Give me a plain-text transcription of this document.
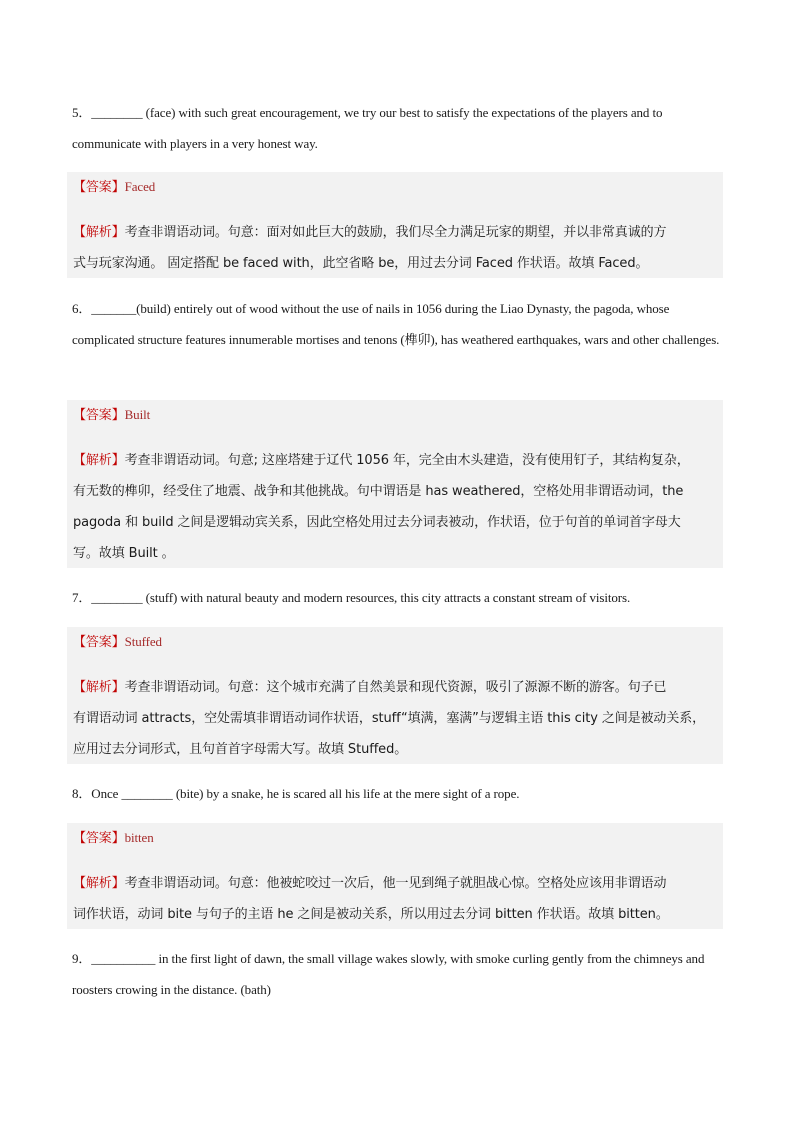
5．________ (face) with such great encouragement, we try our best to satisfy the expectations of the players and to communicate with players in a very honest way.
【答案】Faced
【解析】考查非谓语动词。句意：面对如此巨大的鼓励，我们尽全力满足玩家的期望，并以非常真诚的方
式与玩家沟通。 固定搭配 be faced with，此空省略 be，用过去分词 Faced 作状语。故填 Faced。
6．_______(build) entirely out of wood without the use of nails in 1056 during the Liao Dynasty, the pagoda, whose complicated structure features innumerable mortises and tenons (榫卯), has weathered earthquakes, wars and other challenges.
【答案】Built
【解析】考查非谓语动词。句意; 这座塔建于辽代 1056 年，完全由木头建造，没有使用钉子，其结构复杂，
有无数的榫卯，经受住了地震、战争和其他挑战。句中谓语是 has weathered，空格处用非谓语动词，the
pagoda 和 build 之间是逻辑动宾关系，因此空格处用过去分词表被动，作状语，位于句首的单词首字母大
写。故填 Built 。
7．________ (stuff) with natural beauty and modern resources, this city attracts a constant stream of visitors.
【答案】Stuffed
【解析】考查非谓语动词。句意：这个城市充满了自然美景和现代资源，吸引了源源不断的游客。句子已
有谓语动词 attracts，空处需填非谓语动词作状语，stuff“填满，塞满”与逻辑主语 this city 之间是被动关系，
应用过去分词形式，且句首首字母需大写。故填 Stuffed。
8．Once ________ (bite) by a snake, he is scared all his life at the mere sight of a rope.
【答案】bitten
【解析】考查非谓语动词。句意：他被蛇咬过一次后，他一见到绳子就胆战心惊。空格处应该用非谓语动
词作状语，动词 bite 与句子的主语 he 之间是被动关系，所以用过去分词 bitten 作状语。故填 bitten。
9．__________ in the first light of dawn, the small village wakes slowly, with smoke curling gently from the chimneys and roosters crowing in the distance. (bath)
